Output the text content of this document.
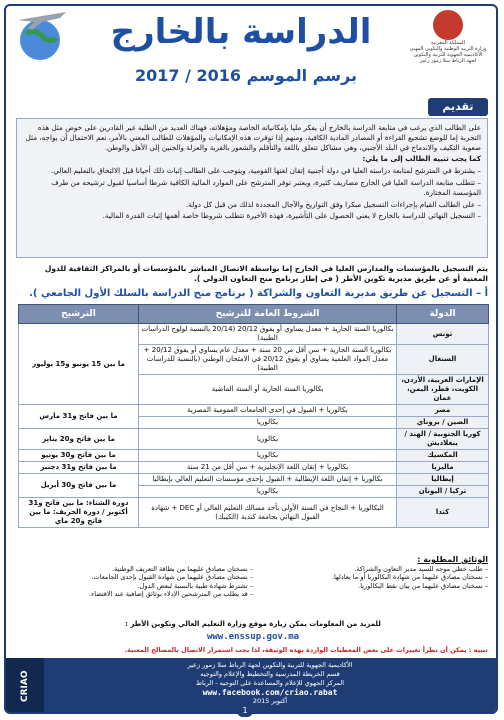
الدراسة بالخارج
برسم الموسم 2016 / 2017
المملكة المغربية
وزارة التربية الوطنية والتكوين المهني
الأكاديمية الجهوية للتربية والتكوين
لجهة الرباط سلا زمور زعير
تقديم

على الطالب الذي يرغب في متابعة الدراسة بالخارج أن يفكر مليا بإمكانياته الخاصة ومؤهلاته، فهناك العديد من الطلبة غير القادرين على خوض مثل هذه التجربة إما للوضع تشجيع القراءة أو المصادر المادية الكافية، ومنهم إذا توفرت هذه الإمكانيات والمؤهلات للطالب المعني بالأمر، نعم الاحتمال أن يواجه، مثل صعوبة التكيف والاندماج في البلد الأجنبي، وهي مشاكل تتعلق باللغة والتأقلم والشعور بالغربة والعزلة والحنين إلى الأهل والوطن.

كما يجب تنبيه الطالب إلى ما يلي:

– يشترط في المترشح لمتابعة دراسته العليا في دولة أجنبية إتقان لغتها القومية، ويتوجب على الطالب إثبات ذلك أحيانا قبل الالتحاق بالتعليم العالي.

– تتطلب متابعة الدراسة العليا في الخارج مصاريف كثيرة، ويعتبر توفر المترشح على الموارد المالية الكافية شرطا أساسيا لقبول ترشيحه من طرف المؤسسة المختارة.

– على الطالب القيام بإجراءات التسجيل مبكرا وفق التواريخ والآجال المحددة لذلك من قبل كل دولة.

– التسجيل النهائي للدراسة بالخارج لا يعني الحصول على التأشيرة، فهذه الأخيرة تتطلب شروطا خاصة أهمها إثبات القدرة المالية.

يتم التسجيل بالمؤسسات والمدارس العليا في الخارج إما بواسطة الاتصال المباشر بالمؤسسات أو بالمراكز الثقافية للدول المعنية أو عن طريق مديرية تكوين الأطر ( في إطار برنامج منح التعاون الدولي ).
أ – التسجيل عن طريق مديرية التعاون والشراكة ( برنامج منح الدراسة بالسلك الأول الجامعي ).
الدولة	الشروط العامة للترشيح	الترشيح
تونس	بكالوريا السنة الجارية + معدل يساوي أو يفوق 20/12 (20/14 بالنسبة لولوج الدراسات الطبية)	ما بين 15 يونيو و15 يوليوز
السنغال	بكالوريا السنة الجارية + سن أقل من 20 سنة + معدل عام يساوي أو يفوق 20/12 + معدل المواد العلمية يساوي أو يفوق 20/12 في الامتحان الوطني (بالنسبة للدراسات الطبية)	
الإمارات العربية، الأردن، الكويت، قطر، اليمن، عمان	بكالوريا السنة الجارية أو السنة الماضية	
مصر	بكالوريا + القبول في إحدى الجامعات العمومية المصرية	ما بين فاتح و31 مارس
الصين / بروناي	بكالوريا	
كوريا الجنوبية / الهند / بنغلاديش	بكالوريا	ما بين فاتح و20 يناير
المكسيك	بكالوريا	ما بين فاتح و30 يونيو
ماليزيا	بكالوريا + إتقان اللغة الإنجليزية + سن أقل من 21 سنة	ما بين فاتح و31 دجنبر
إيطاليا	بكالوريا + إتقان اللغة الإيطالية + القبول بإحدى مؤسسات التعليم العالي بإيطاليا	ما بين فاتح و30 أبريل
تركيا / اليونان	بكالوريا	
كندا	البكالوريا + النجاح في السنة الأولى بأحد مسالك التعليم العالي أو DEC + شهادة القبول النهائي بجامعة كندية (الكيبك)	دورة الشتاء: ما بين فاتح و31 أكتوبر / دورة الخريف: ما بين فاتح و20 ماي
الوثائق المطلوبة :
– طلب خطي موجه للسيد مدير التعاون والشراكة.
– نسختان مصادق عليهما من شهادة البكالوريا أو ما يعادلها.
– نسختان مصادق عليهما من بيان نقط البكالوريا.
– نسختان مصادق عليهما من بطاقة التعريف الوطنية.
– نسختان مصادق عليهما من شهادة القبول بإحدى الجامعات.
– تشترط شهادة طبية بالنسبة لبعض الدول.
– قد يطلب من المترشحين الإدلاء بوثائق إضافية عند الاقتضاء.
للمزيد من المعلومات يمكن زيارة موقع وزارة التعليم العالي وتكوين الأطر :
www.enssup.gov.ma
تنبيه : يمكن أن تطرأ تغييرات على بعض المعطيات الواردة بهذه الوثيقة، لذا يجب استمرار الاتصال بالمصالح المعنية.
CRIAO
الأكاديمية الجهوية للتربية والتكوين لجهة الرباط سلا زمور زعير
قسم الخريطة المدرسية والتخطيط والإعلام والتوجيه
المركز الجهوي للإعلام والمساعدة على التوجيه - الرباط
www.facebook.com/criao.rabat
أكتوبر 2015
1
